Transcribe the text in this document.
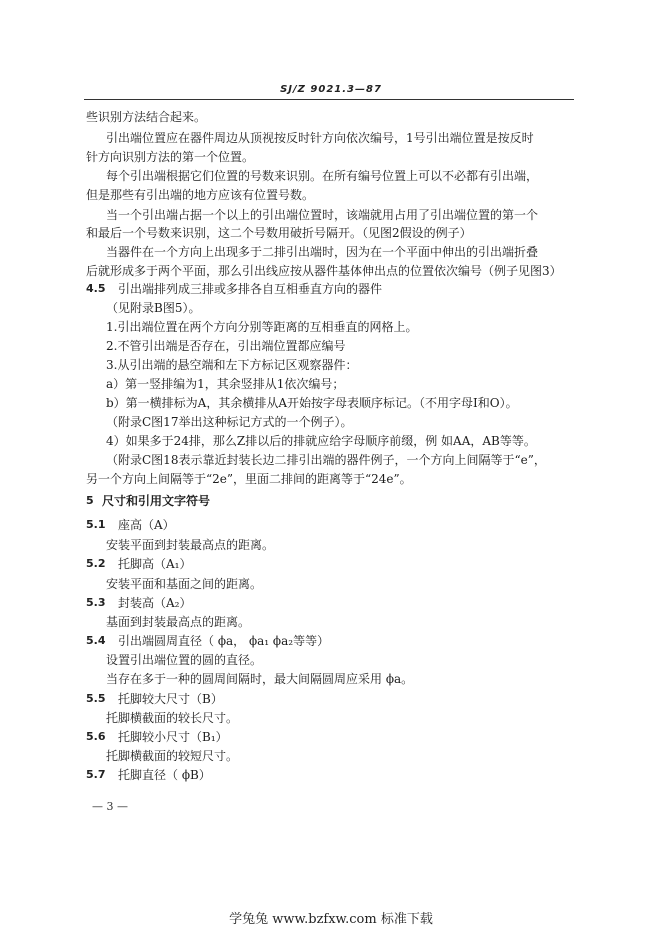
SJ/Z 9021.3—87
些识别方法结合起来。
引出端位置应在器件周边从顶视按反时针方向依次编号，1号引出端位置是按反时
针方向识别方法的第一个位置。
每个引出端根据它们位置的号数来识别。在所有编号位置上可以不必都有引出端，
但是那些有引出端的地方应该有位置号数。
当一个引出端占据一个以上的引出端位置时，该端就用占用了引出端位置的第一个
和最后一个号数来识别，这二个号数用破折号隔开。（见图2假设的例子）
当器件在一个方向上出现多于二排引出端时，因为在一个平面中伸出的引出端折叠
后就形成多于两个平面，那么引出线应按从器件基体伸出点的位置依次编号（例子见图3）
4.5 引出端排列成三排或多排各自互相垂直方向的器件
（见附录B图5）。
1.引出端位置在两个方向分别等距离的互相垂直的网格上。
2.不管引出端是否存在，引出端位置都应编号
3.从引出端的悬空端和左下方标记区观察器件：
a）第一竖排编为1，其余竖排从1依次编号；
b）第一横排标为A，其余横排从A开始按字母表顺序标记。（不用字母I和O）。
（附录C图17举出这种标记方式的一个例子）。
4）如果多于24排，那么Z排以后的排就应给字母顺序前缀，例 如AA，AB等等。
（附录C图18表示靠近封装长边二排引出端的器件例子，一个方向上间隔等于“e”，
另一个方向上间隔等于“2e”，里面二排间的距离等于“24e”。
5 尺寸和引用文字符号
5.1 座高（A）
安装平面到封装最高点的距离。
5.2 托脚高（A₁）
安装平面和基面之间的距离。
5.3 封装高（A₂）
基面到封装最高点的距离。
5.4 引出端圆周直径（ ϕa， ϕa₁ ϕa₂等等）
设置引出端位置的圆的直径。
当存在多于一种的圆周间隔时，最大间隔圆周应采用 ϕa。
5.5 托脚较大尺寸（B）
托脚横截面的较长尺寸。
5.6 托脚较小尺寸（B₁）
托脚横截面的较短尺寸。
5.7 托脚直径（ ϕB）
— 3 —
学兔兔 www.bzfxw.com 标准下载
